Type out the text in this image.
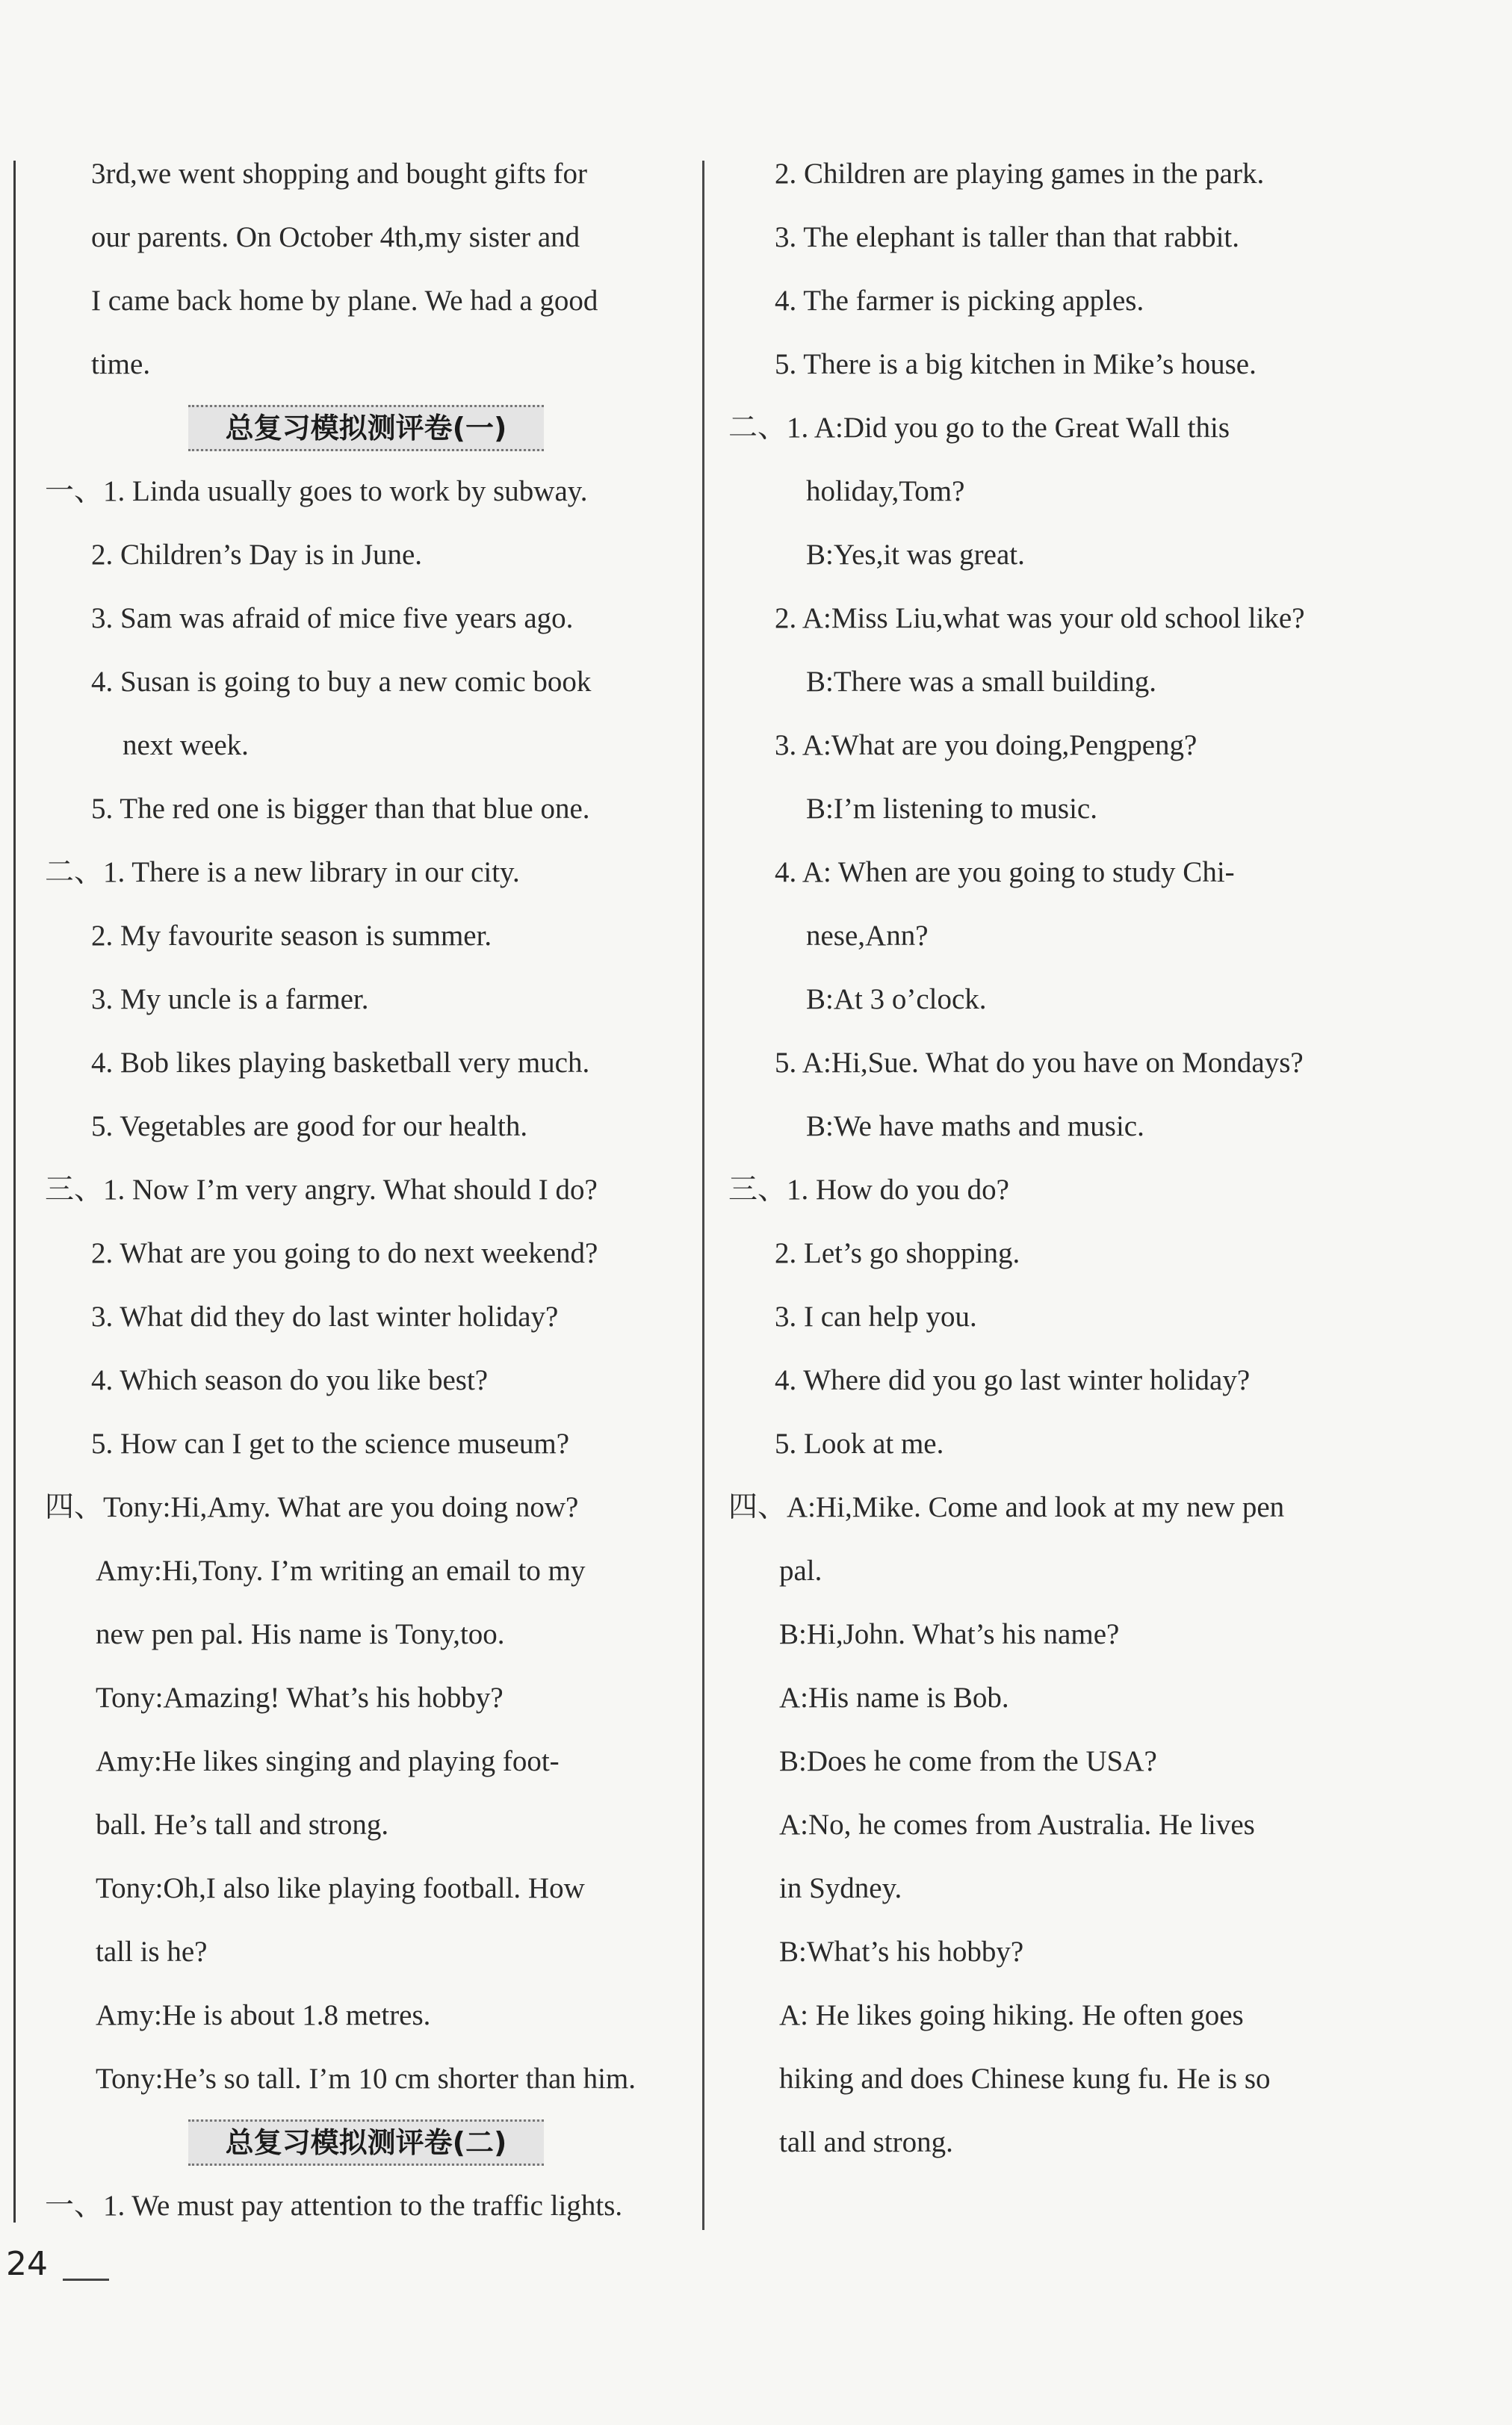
3rd,we went shopping and bought gifts for
our parents. On October 4th,my sister and
I came back home by plane. We had a good
time.
总复习模拟测评卷(一)
一、1. Linda usually goes to work by subway.
2. Children’s Day is in June.
3. Sam was afraid of mice five years ago.
4. Susan is going to buy a new comic book
next week.
5. The red one is bigger than that blue one.
二、1. There is a new library in our city.
2. My favourite season is summer.
3. My uncle is a farmer.
4. Bob likes playing basketball very much.
5. Vegetables are good for our health.
三、1. Now I’m very angry. What should I do?
2. What are you going to do next weekend?
3. What did they do last winter holiday?
4. Which season do you like best?
5. How can I get to the science museum?
四、Tony:Hi,Amy. What are you doing now?
Amy:Hi,Tony. I’m writing an email to my
new pen pal. His name is Tony,too.
Tony:Amazing! What’s his hobby?
Amy:He likes singing and playing foot-
ball. He’s tall and strong.
Tony:Oh,I also like playing football. How
tall is he?
Amy:He is about 1.8 metres.
Tony:He’s so tall. I’m 10 cm shorter than him.
总复习模拟测评卷(二)
一、1. We must pay attention to the traffic lights.
2. Children are playing games in the park.
3. The elephant is taller than that rabbit.
4. The farmer is picking apples.
5. There is a big kitchen in Mike’s house.
二、1. A:Did you go to the Great Wall this
holiday,Tom?
B:Yes,it was great.
2. A:Miss Liu,what was your old school like?
B:There was a small building.
3. A:What are you doing,Pengpeng?
B:I’m listening to music.
4. A: When are you going to study Chi-
nese,Ann?
B:At 3 o’clock.
5. A:Hi,Sue. What do you have on Mondays?
B:We have maths and music.
三、1. How do you do?
2. Let’s go shopping.
3. I can help you.
4. Where did you go last winter holiday?
5. Look at me.
四、A:Hi,Mike. Come and look at my new pen
pal.
B:Hi,John. What’s his name?
A:His name is Bob.
B:Does he come from the USA?
A:No, he comes from Australia. He lives
in Sydney.
B:What’s his hobby?
A: He likes going hiking. He often goes
hiking and does Chinese kung fu. He is so
tall and strong.
24
